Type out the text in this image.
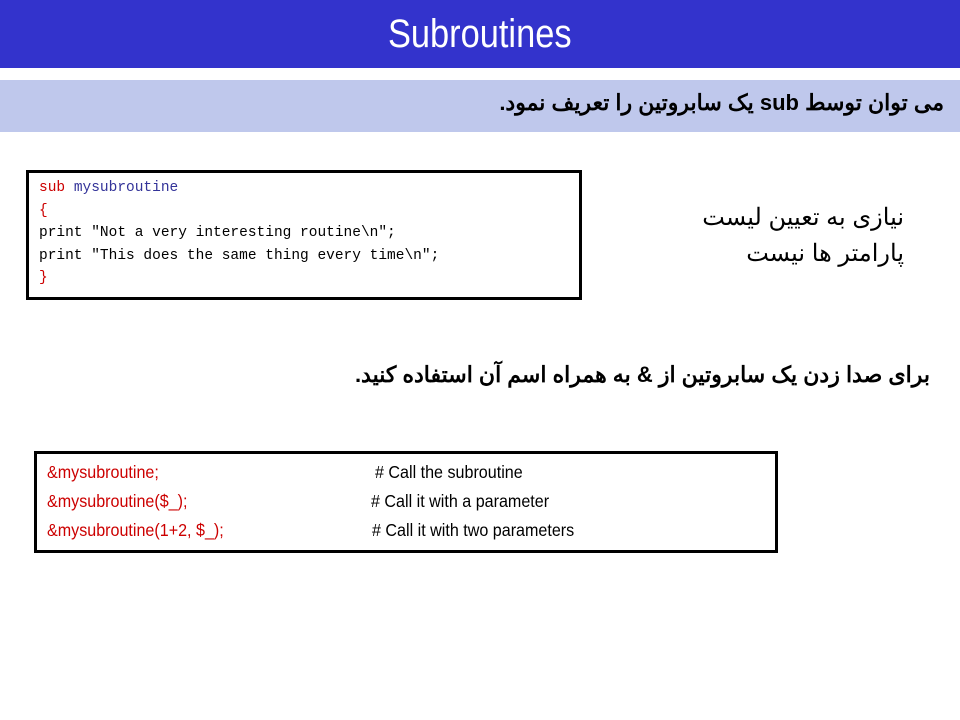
Subroutines
می توان توسط sub یک سابروتین را تعریف نمود.
sub mysubroutine
{
print "Not a very interesting routine\n";
print "This does the same thing every time\n";
}
نیازی به تعیین لیست
پارامتر ها نیست
برای صدا زدن یک سابروتین از & به همراه اسم آن استفاده کنید.
&mysubroutine;	# Call the subroutine
&mysubroutine($_);	# Call it with a parameter
&mysubroutine(1+2, $_);	# Call it with two parameters
